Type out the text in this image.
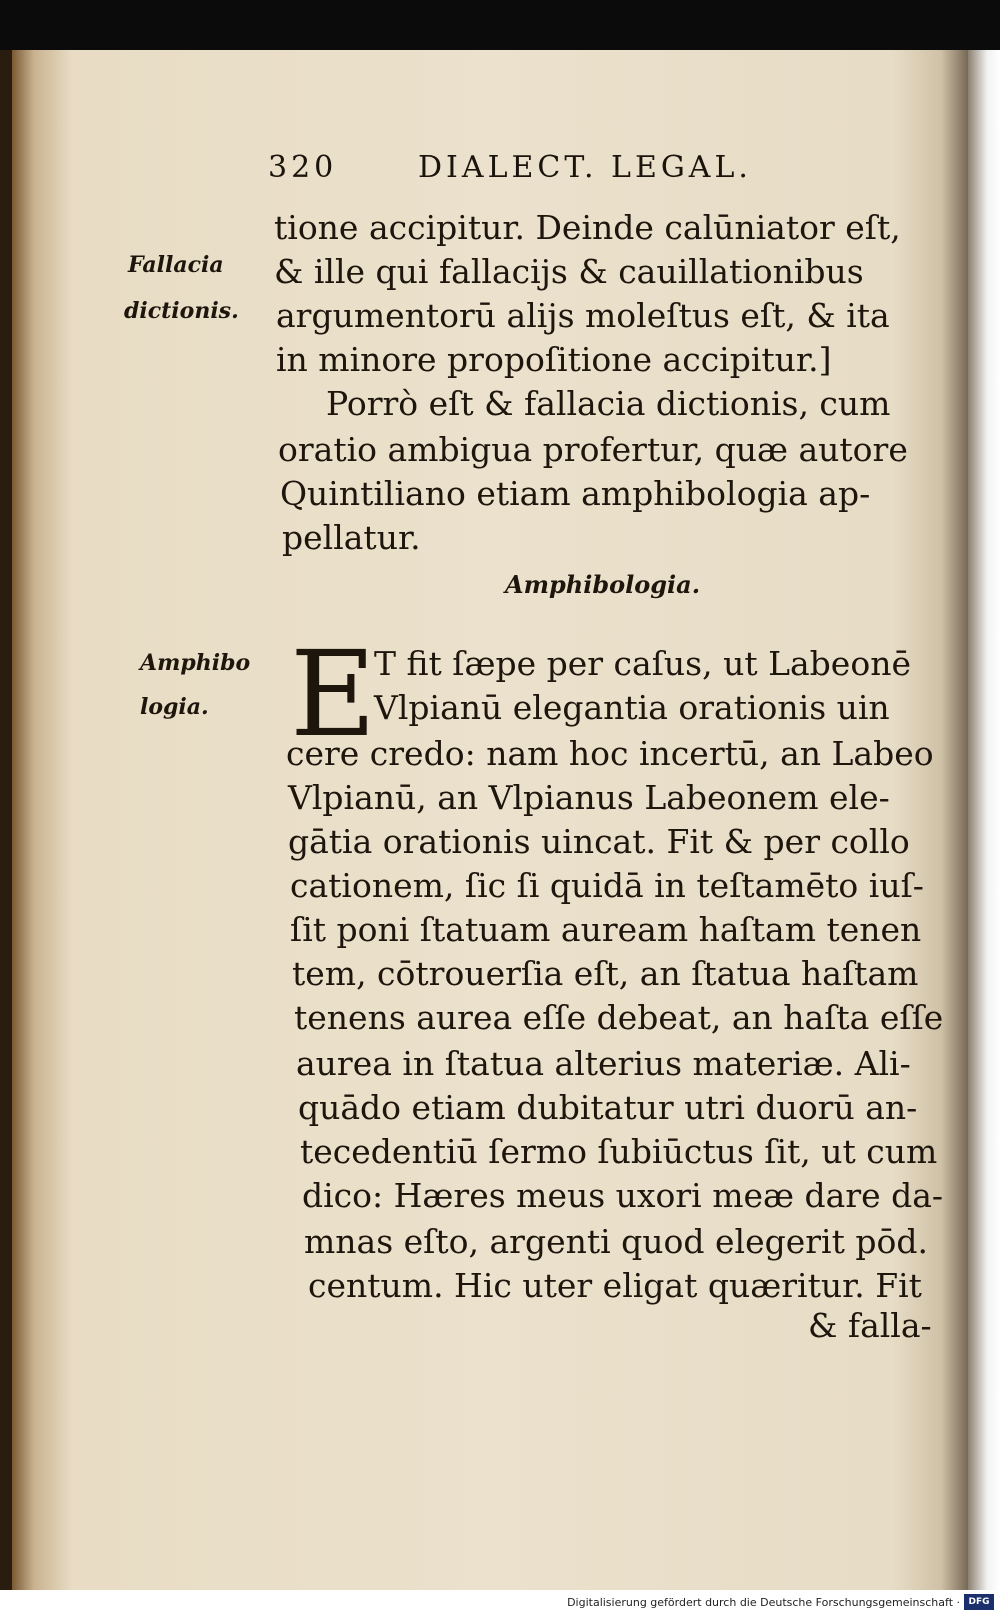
320	DIALECT. LEGAL.
Fallacia
dictionis.
Amphibo
logia.
tione accipitur. Deinde calūniator eſt,
& ille qui fallacijs & cauillationibus
argumentorū alijs moleſtus eſt, & ita
in minore propoſitione accipitur.]
Porrò eſt & fallacia dictionis, cum
oratio ambigua profertur, quæ autore
Quintiliano etiam amphibologia ap-
pellatur.
Amphibologia.
E
T fit ſæpe per caſus, ut Labeonē
Vlpianū elegantia orationis uin
cere credo: nam hoc incertū, an Labeo
Vlpianū, an Vlpianus Labeonem ele-
gātia orationis uincat. Fit & per collo
cationem, ſic ſi quidā in teſtamēto iuſ-
ſit poni ſtatuam auream haſtam tenen
tem, cōtrouerſia eſt, an ſtatua haſtam
tenens aurea eſſe debeat, an haſta eſſe
aurea in ſtatua alterius materiæ. Ali-
quādo etiam dubitatur utri duorū an-
tecedentiū ſermo ſubiūctus ſit, ut cum
dico: Hæres meus uxori meæ dare da-
mnas eſto, argenti quod elegerit pōd.
centum. Hic uter eligat quæritur. Fit
& falla-
Digitalisierung gefördert durch die Deutsche Forschungsgemeinschaft · DFG
